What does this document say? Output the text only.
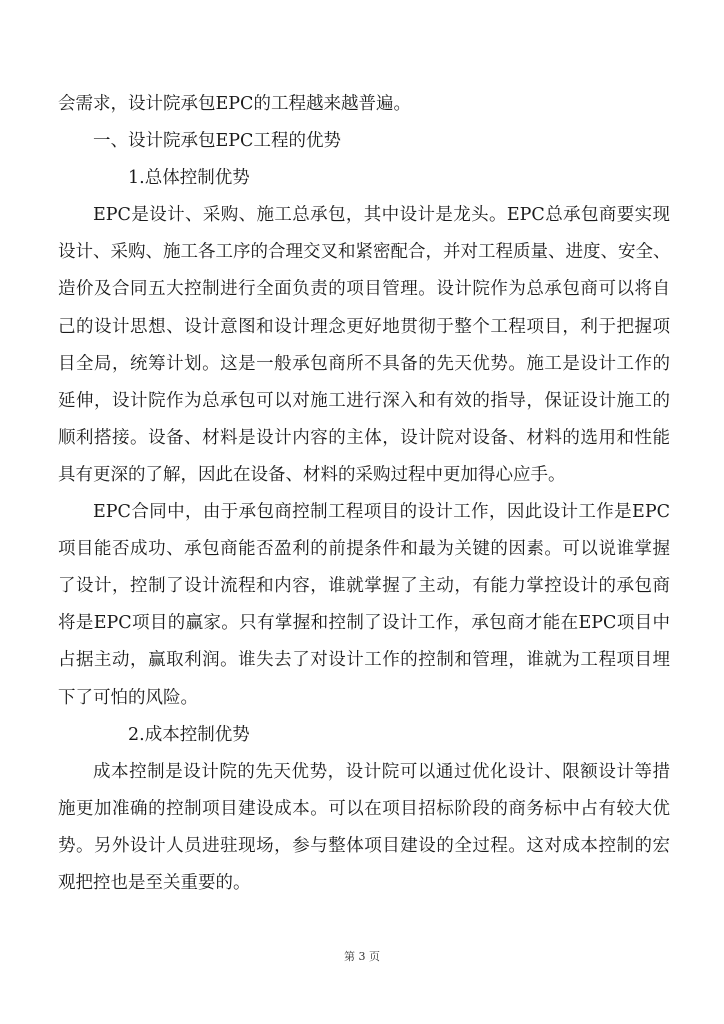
会需求，设计院承包EPC的工程越来越普遍。
一、设计院承包EPC工程的优势
1.总体控制优势
EPC是设计、采购、施工总承包，其中设计是龙头。EPC总承包商要实现
设计、采购、施工各工序的合理交叉和紧密配合，并对工程质量、进度、安全、
造价及合同五大控制进行全面负责的项目管理。设计院作为总承包商可以将自
己的设计思想、设计意图和设计理念更好地贯彻于整个工程项目，利于把握项
目全局，统筹计划。这是一般承包商所不具备的先天优势。施工是设计工作的
延伸，设计院作为总承包可以对施工进行深入和有效的指导，保证设计施工的
顺利搭接。设备、材料是设计内容的主体，设计院对设备、材料的选用和性能
具有更深的了解，因此在设备、材料的采购过程中更加得心应手。
EPC合同中，由于承包商控制工程项目的设计工作，因此设计工作是EPC
项目能否成功、承包商能否盈利的前提条件和最为关键的因素。可以说谁掌握
了设计，控制了设计流程和内容，谁就掌握了主动，有能力掌控设计的承包商
将是EPC项目的赢家。只有掌握和控制了设计工作，承包商才能在EPC项目中
占据主动，赢取利润。谁失去了对设计工作的控制和管理，谁就为工程项目埋
下了可怕的风险。
2.成本控制优势
成本控制是设计院的先天优势，设计院可以通过优化设计、限额设计等措
施更加准确的控制项目建设成本。可以在项目招标阶段的商务标中占有较大优
势。另外设计人员进驻现场，参与整体项目建设的全过程。这对成本控制的宏
观把控也是至关重要的。
第 3 页
